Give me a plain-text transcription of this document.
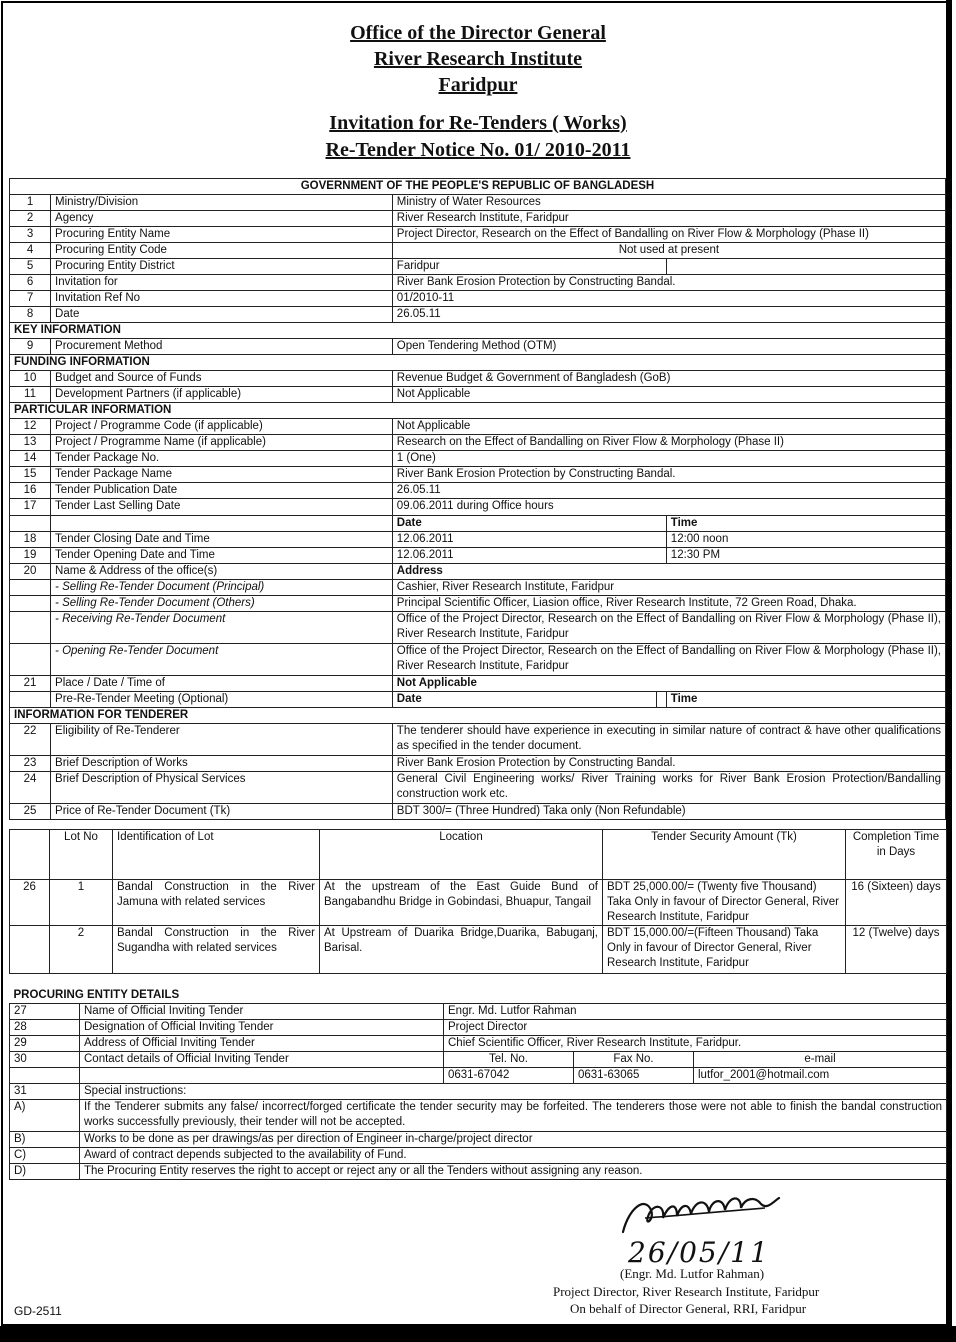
Office of the Director General
River Research Institute
Faridpur
Invitation for Re-Tenders ( Works)
Re-Tender Notice No. 01/ 2010-2011
GOVERNMENT OF THE PEOPLE'S REPUBLIC OF BANGLADESH				
1	Ministry/Division	Ministry of Water Resources		
2	Agency	River Research Institute, Faridpur		
3	Procuring Entity Name	Project Director, Research on the Effect of Bandalling on River Flow & Morphology (Phase II)		
4	Procuring Entity Code	Not used at present		
5	Procuring Entity District	Faridpur		
6	Invitation for	River Bank Erosion Protection by Constructing Bandal.		
7	Invitation Ref No	01/2010-11		
8	Date	26.05.11		
KEY INFORMATION				
9	Procurement Method	Open Tendering Method (OTM)		
FUNDING INFORMATION				
10	Budget and Source of Funds	Revenue Budget & Government of Bangladesh (GoB)		
11	Development Partners (if applicable)	Not Applicable		
PARTICULAR INFORMATION				
12	Project / Programme Code (if applicable)	Not Applicable		
13	Project / Programme Name (if applicable)	Research on the Effect of Bandalling on River Flow & Morphology (Phase II)		
14	Tender Package No.	1 (One)		
15	Tender Package Name	River Bank Erosion Protection by Constructing Bandal.		
16	Tender Publication Date	26.05.11		
17	Tender Last Selling Date	09.06.2011 during Office hours		
		Date		Time
18	Tender Closing Date and Time	12.06.2011		12:00 noon
19	Tender Opening Date and Time	12.06.2011		12:30 PM
20	Name & Address of the office(s)	Address		
	- Selling Re-Tender Document (Principal)	Cashier, River Research Institute, Faridpur		
	- Selling Re-Tender Document (Others)	Principal Scientific Officer, Liasion office, River Research Institute, 72 Green Road, Dhaka.		
	- Receiving Re-Tender Document	Office of the Project Director, Research on the Effect of Bandalling on River Flow & Morphology (Phase II), River Research Institute, Faridpur		
	- Opening Re-Tender Document	Office of the Project Director, Research on the Effect of Bandalling on River Flow & Morphology (Phase II), River Research Institute, Faridpur		
21	Place / Date / Time of	Not Applicable		
	Pre-Re-Tender Meeting (Optional)	Date		Time
INFORMATION FOR TENDERER				
22	Eligibility of Re-Tenderer	The tenderer should have experience in executing in similar nature of contract & have other qualifications as specified in the tender document.		
23	Brief Description of Works	River Bank Erosion Protection by Constructing Bandal.		
24	Brief Description of Physical Services	General Civil Engineering works/ River Training works for River Bank Erosion Protection/Bandalling construction work etc.		
25	Price of Re-Tender Document (Tk)	BDT 300/= (Three Hundred) Taka only (Non Refundable)		
	Lot No	Identification of Lot	Location	Tender Security Amount (Tk)	Completion Time in Days
26	1	Bandal Construction in the River Jamuna with related services	At the upstream of the East Guide Bund of Bangabandhu Bridge in Gobindasi, Bhuapur, Tangail	BDT 25,000.00/= (Twenty five Thousand) Taka Only in favour of Director General, River Research Institute, Faridpur	16 (Sixteen) days
	2	Bandal Construction in the River Sugandha with related services	At Upstream of Duarika Bridge,Duarika, Babuganj, Barisal.	BDT 15,000.00/=(Fifteen Thousand) Taka Only in favour of Director General, River Research Institute, Faridpur	12 (Twelve) days
PROCURING ENTITY DETAILS				
27	Name of Official Inviting Tender	Engr. Md. Lutfor Rahman		
28	Designation of Official Inviting Tender	Project Director		
29	Address of Official Inviting Tender	Chief Scientific Officer, River Research Institute, Faridpur.		
30	Contact details of Official Inviting Tender	Tel. No.	Fax No.	e-mail
		0631-67042	0631-63065	lutfor_2001@hotmail.com
31	Special instructions:			
A)	If the Tenderer submits any false/ incorrect/forged certificate the tender security may be forfeited. The tenderers those were not able to finish the bandal construction works successfully previously, their tender will not be accepted.			
B)	Works to be done as per drawings/as per direction of Engineer in-charge/project director			
C)	Award of contract depends subjected to the availability of Fund.			
D)	The Procuring Entity reserves the right to accept or reject any or all the Tenders without assigning any reason.			
26/05/11
(Engr. Md. Lutfor Rahman)
Project Director, River Research Institute, Faridpur
On behalf of Director General, RRI, Faridpur
GD-2511
